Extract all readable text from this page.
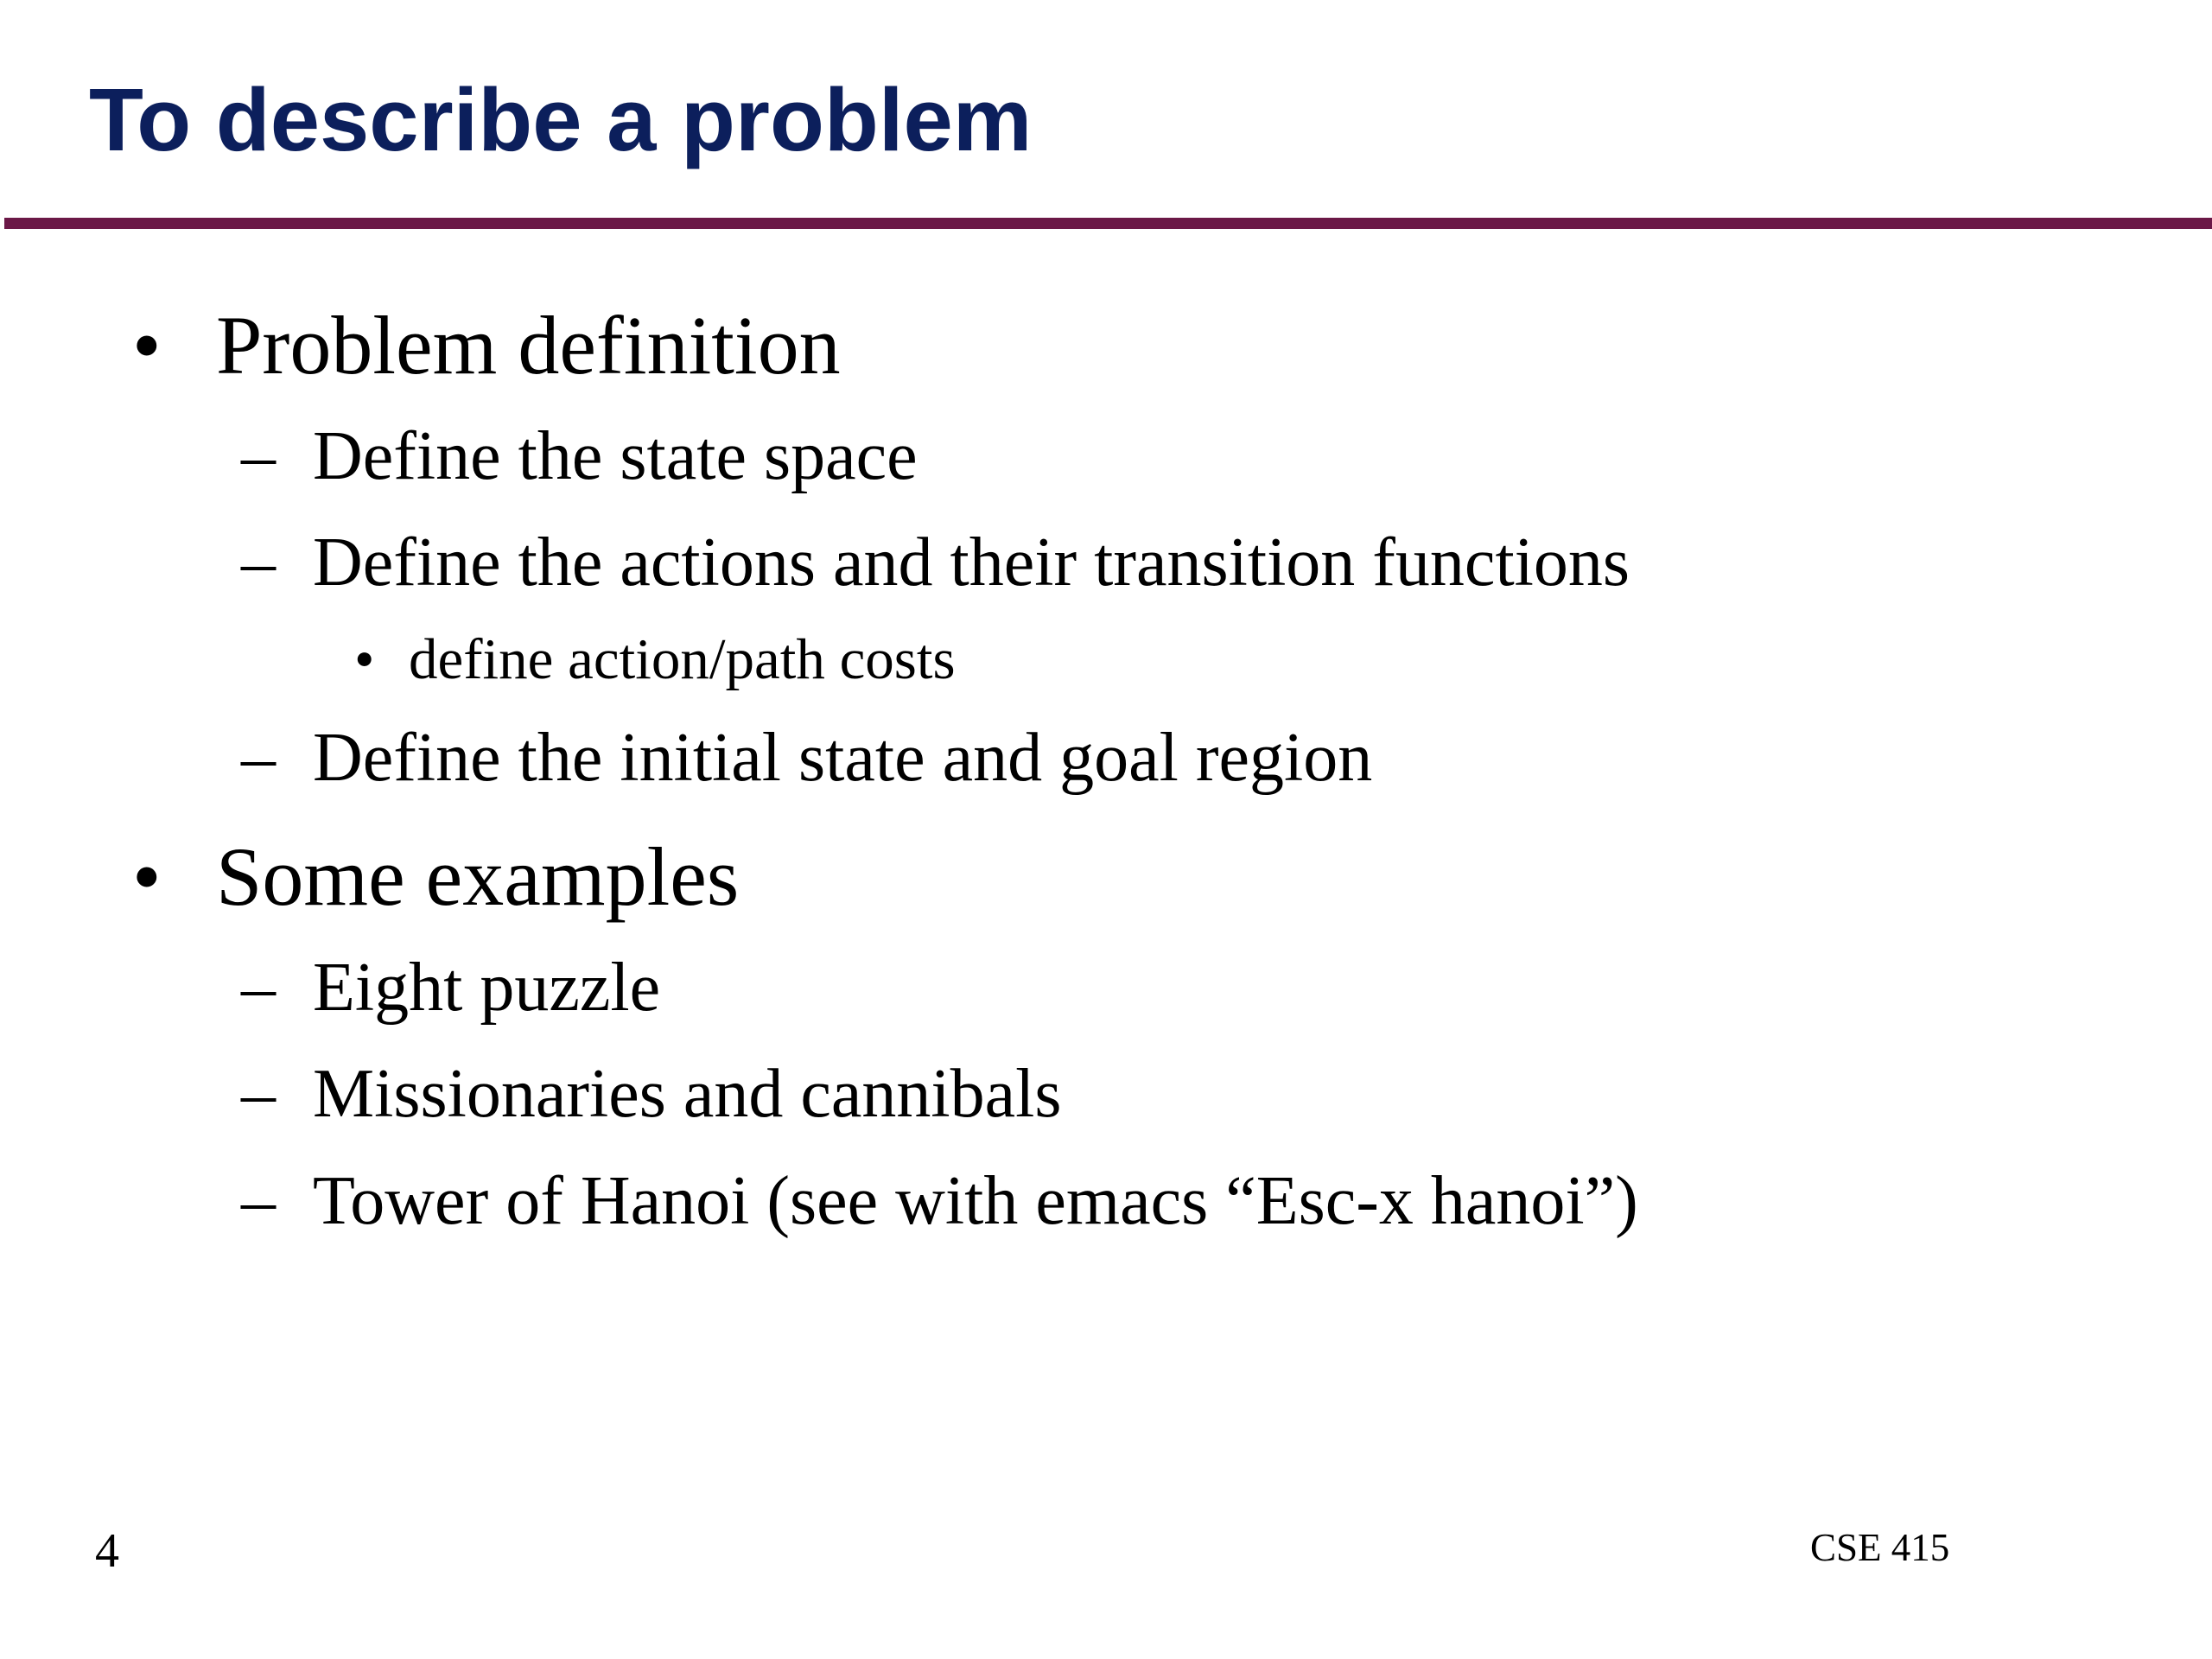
To describe a problem
• Problem definition
– Define the state space
– Define the actions and their transition functions
• define action/path costs
– Define the initial state and goal region
• Some examples
– Eight puzzle
– Missionaries and cannibals
– Tower of Hanoi (see with emacs “Esc-x hanoi”)
4	CSE 415
